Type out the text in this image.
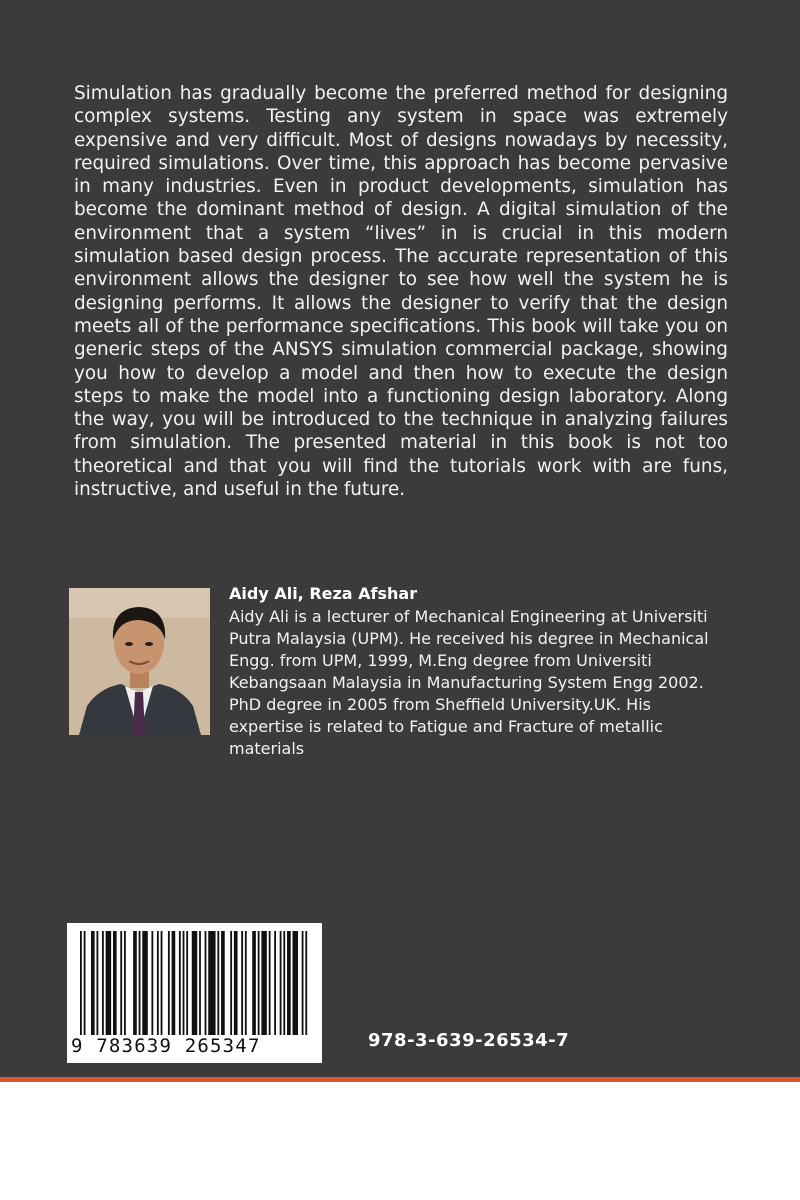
Simulation has gradually become the preferred method for designing complex systems. Testing any system in space was extremely expensive and very difficult. Most of designs nowadays by necessity, required simulations. Over time, this approach has become pervasive in many industries. Even in product developments, simulation has become the dominant method of design. A digital simulation of the environment that a system “lives” in is crucial in this modern simulation based design process. The accurate representation of this environment allows the designer to see how well the system he is designing performs. It allows the designer to verify that the design meets all of the performance specifications. This book will take you on generic steps of the ANSYS simulation commercial package, showing you how to develop a model and then how to execute the design steps to make the model into a functioning design laboratory. Along the way, you will be introduced to the technique in analyzing failures from simulation. The presented material in this book is not too theoretical and that you will find the tutorials work with are funs, instructive, and useful in the future.

Aidy Ali, Reza Afshar

Aidy Ali is a lecturer of Mechanical Engineering at Universiti Putra Malaysia (UPM). He received his degree in Mechanical Engg. from UPM, 1999, M.Eng degree from Universiti Kebangsaan Malaysia in Manufacturing System Engg 2002. PhD degree in 2005 from Sheffield University.UK. His expertise is related to Fatigue and Fracture of metallic materials

9 783639 265347	978-3-639-26534-7
